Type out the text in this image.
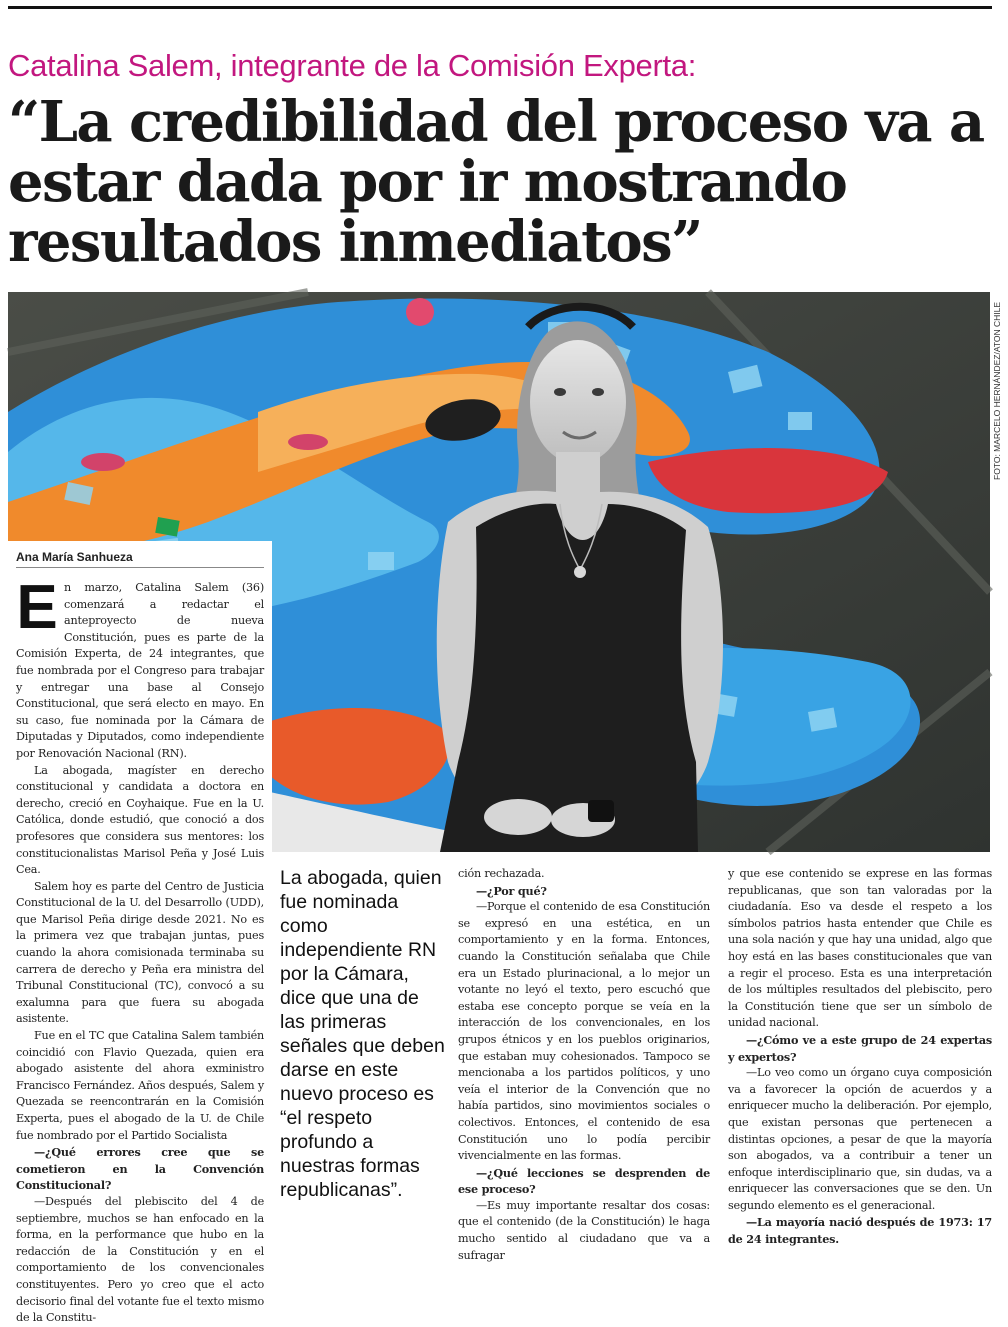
Catalina Salem, integrante de la Comisión Experta:
“La credibilidad del proceso va a estar dada por ir mostrando resultados inmediatos”
FOTO: MARCELO HERNÁNDEZ/ATON CHILE
Ana María Sanhueza

En marzo, Catalina Salem (36) comenzará a redactar el anteproyecto de nueva Constitución, pues es parte de la Comisión Experta, de 24 integrantes, que fue nombrada por el Congreso para trabajar y entregar una base al Consejo Constitucional, que será electo en mayo. En su caso, fue nominada por la Cámara de Diputadas y Diputados, como independiente por Renovación Nacional (RN).

La abogada, magíster en derecho constitucional y candidata a doctora en derecho, creció en Coyhaique. Fue en la U. Católica, donde estudió, que conoció a dos profesores que considera sus mentores: los constitucionalistas Marisol Peña y José Luis Cea.

Salem hoy es parte del Centro de Justicia Constitucional de la U. del Desarrollo (UDD), que Marisol Peña dirige desde 2021. No es la primera vez que trabajan juntas, pues cuando la ahora comisionada terminaba su carrera de derecho y Peña era ministra del Tribunal Constitucional (TC), convocó a su exalumna para que fuera su abogada asistente.

Fue en el TC que Catalina Salem también coincidió con Flavio Quezada, quien era abogado asistente del ahora exministro Francisco Fernández. Años después, Salem y Quezada se reencontrarán en la Comisión Experta, pues el abogado de la U. de Chile fue nombrado por el Partido Socialista

—¿Qué errores cree que se cometieron en la Convención Constitucional?

—Después del plebiscito del 4 de septiembre, muchos se han enfocado en la forma, en la performance que hubo en la redacción de la Constitución y en el comportamiento de los convencionales constituyentes. Pero yo creo que el acto decisorio final del votante fue el texto mismo de la Constitu-

La abogada, quien fue nominada como independiente RN por la Cámara, dice que una de las primeras señales que deben darse en este nuevo proceso es “el respeto profundo a nuestras formas republicanas”.

ción rechazada.

—¿Por qué?

—Porque el contenido de esa Constitución se expresó en una estética, en un comportamiento y en la forma. Entonces, cuando la Constitución señalaba que Chile era un Estado plurinacional, a lo mejor un votante no leyó el texto, pero escuchó que estaba ese concepto porque se veía en la interacción de los convencionales, en los grupos étnicos y en los pueblos originarios, que estaban muy cohesionados. Tampoco se mencionaba a los partidos políticos, y uno veía el interior de la Convención que no había partidos, sino movimientos sociales o colectivos. Entonces, el contenido de esa Constitución uno lo podía percibir vivencialmente en las formas.

—¿Qué lecciones se desprenden de ese proceso?

—Es muy importante resaltar dos cosas: que el contenido (de la Constitución) le haga mucho sentido al ciudadano que va a sufragar

y que ese contenido se exprese en las formas republicanas, que son tan valoradas por la ciudadanía. Eso va desde el respeto a los símbolos patrios hasta entender que Chile es una sola nación y que hay una unidad, algo que hoy está en las bases constitucionales que van a regir el proceso. Esta es una interpretación de los múltiples resultados del plebiscito, pero la Constitución tiene que ser un símbolo de unidad nacional.

—¿Cómo ve a este grupo de 24 expertas y expertos?

—Lo veo como un órgano cuya composición va a favorecer la opción de acuerdos y a enriquecer mucho la deliberación. Por ejemplo, que existan personas que pertenecen a distintas opciones, a pesar de que la mayoría son abogados, va a contribuir a tener un enfoque interdisciplinario que, sin dudas, va a enriquecer las conversaciones que se den. Un segundo elemento es el generacional.

—La mayoría nació después de 1973: 17 de 24 integrantes.
